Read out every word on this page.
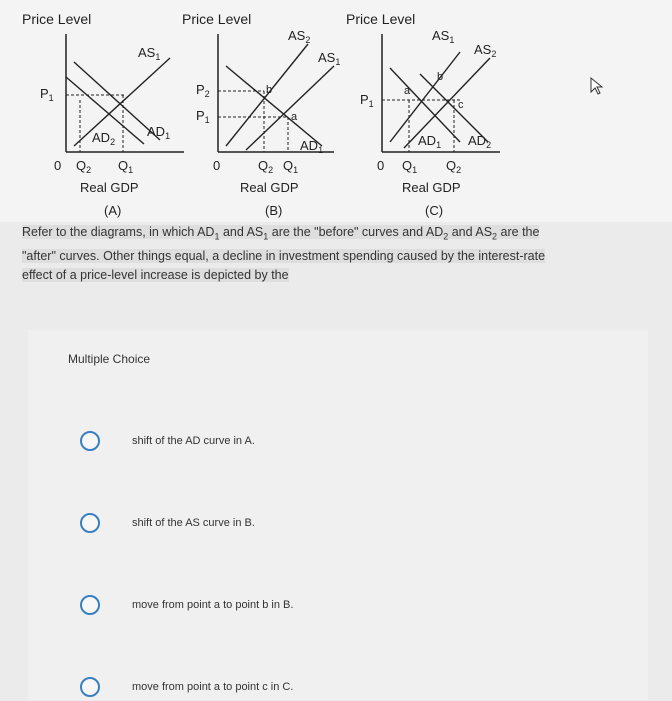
Price Level
$AS_1$
$P_1$
$AD_2$
$AD_1$
0 $Q_2$ $Q_1$
Real GDP
(A)
Price Level
$AS_2$
$AS_1$
$P_2$
$P_1$
b
a
$AD_1$
0	$Q_2$ $Q_1$
Real GDP
(B)
Price Level
$AS_1$
$AS_2$
$P_1$
a
b
c
$AD_1$ $AD_2$
0 $Q_1$ $Q_2$
Real GDP
(C)
Refer to the diagrams, in which $AD_1$ and $AS_1$ are the "before" curves and $AD_2$ and $AS_2$ are the
"after" curves. Other things equal, a decline in investment spending caused by the interest-rate
effect of a price-level increase is depicted by the
Multiple Choice
shift of the AD curve in A.
shift of the AS curve in B.
move from point a to point b in B.
move from point a to point c in C.
